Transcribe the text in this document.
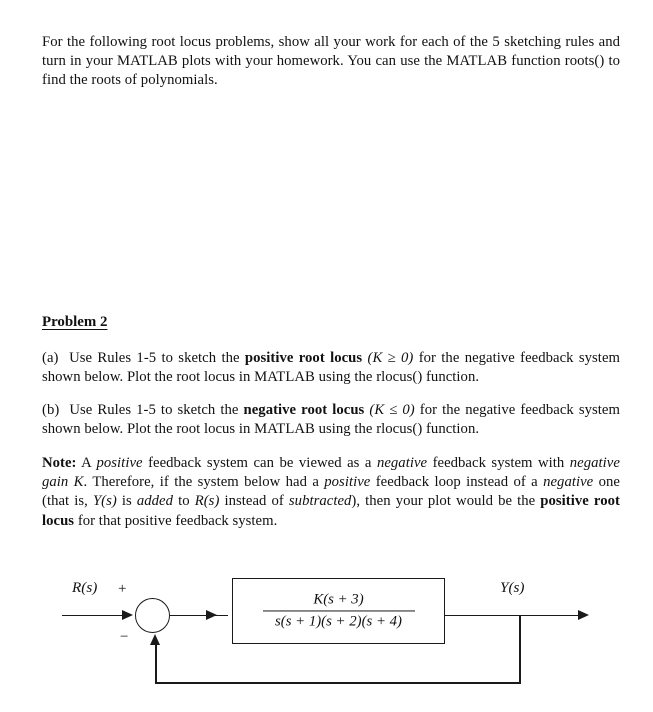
For the following root locus problems, show all your work for each of the 5 sketching rules and turn in your MATLAB plots with your homework. You can use the MATLAB function roots() to find the roots of polynomials.

Problem 2

(a) Use Rules 1-5 to sketch the positive root locus (K ≥ 0) for the negative feedback system shown below. Plot the root locus in MATLAB using the rlocus() function.

(b) Use Rules 1-5 to sketch the negative root locus (K ≤ 0) for the negative feedback system shown below. Plot the root locus in MATLAB using the rlocus() function.

Note: A positive feedback system can be viewed as a negative feedback system with negative gain K. Therefore, if the system below had a positive feedback loop instead of a negative one (that is, Y(s) is added to R(s) instead of subtracted), then your plot would be the positive root locus for that positive feedback system.

R(s)	Y(s)
+
−
K(s + 3)
s(s + 1)(s + 2)(s + 4)
